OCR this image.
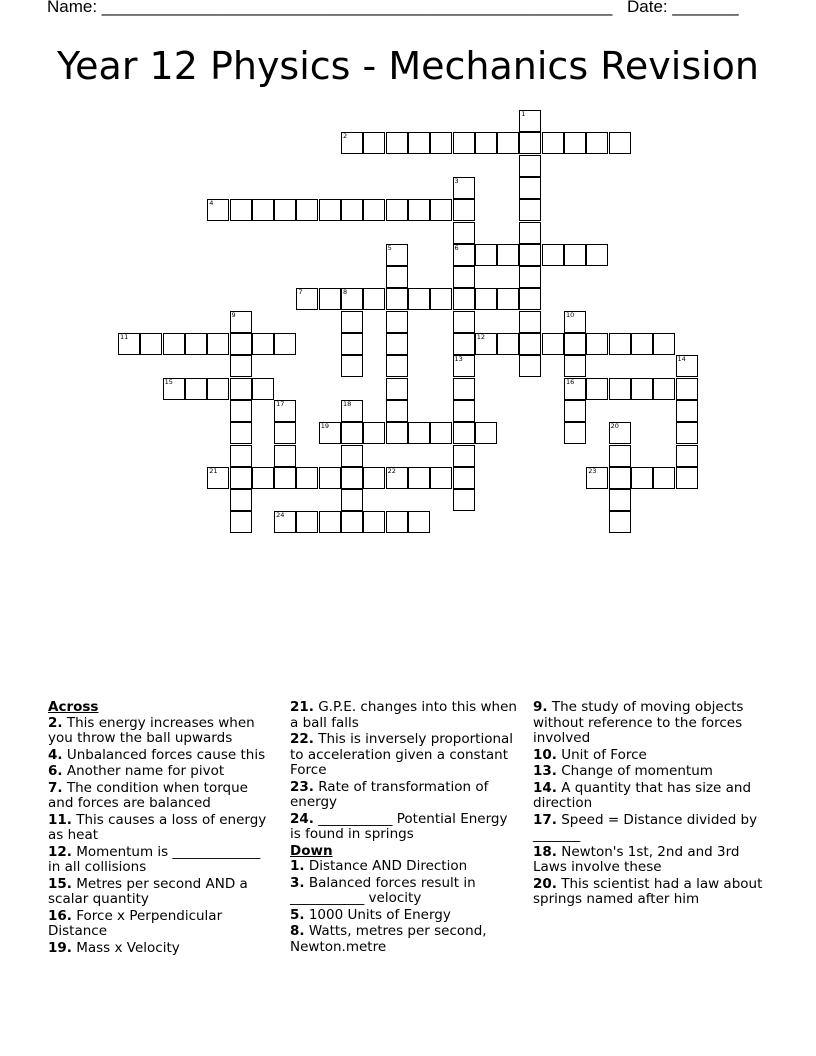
Name: ______________________________________________________ Date: _______
Year 12 Physics - Mechanics Revision
1
2
3
6
13
4
5
7	8
9	10
16
11	12
14
15
17	18
19	20
21	22	23
24
Across
2. This energy increases when you throw the ball upwards
4. Unbalanced forces cause this
6. Another name for pivot
7. The condition when torque and forces are balanced
11. This causes a loss of energy as heat
12. Momentum is _____________ in all collisions
15. Metres per second AND a scalar quantity
16. Force x Perpendicular Distance
19. Mass x Velocity
21. G.P.E. changes into this when a ball falls
22. This is inversely proportional to acceleration given a constant Force
23. Rate of transformation of energy
24. ___________ Potential Energy is found in springs
Down
1. Distance AND Direction
3. Balanced forces result in ___________ velocity
5. 1000 Units of Energy
8. Watts, metres per second, Newton.metre
9. The study of moving objects without reference to the forces involved
10. Unit of Force
13. Change of momentum
14. A quantity that has size and direction
17. Speed = Distance divided by _______
18. Newton's 1st, 2nd and 3rd Laws involve these
20. This scientist had a law about springs named after him
